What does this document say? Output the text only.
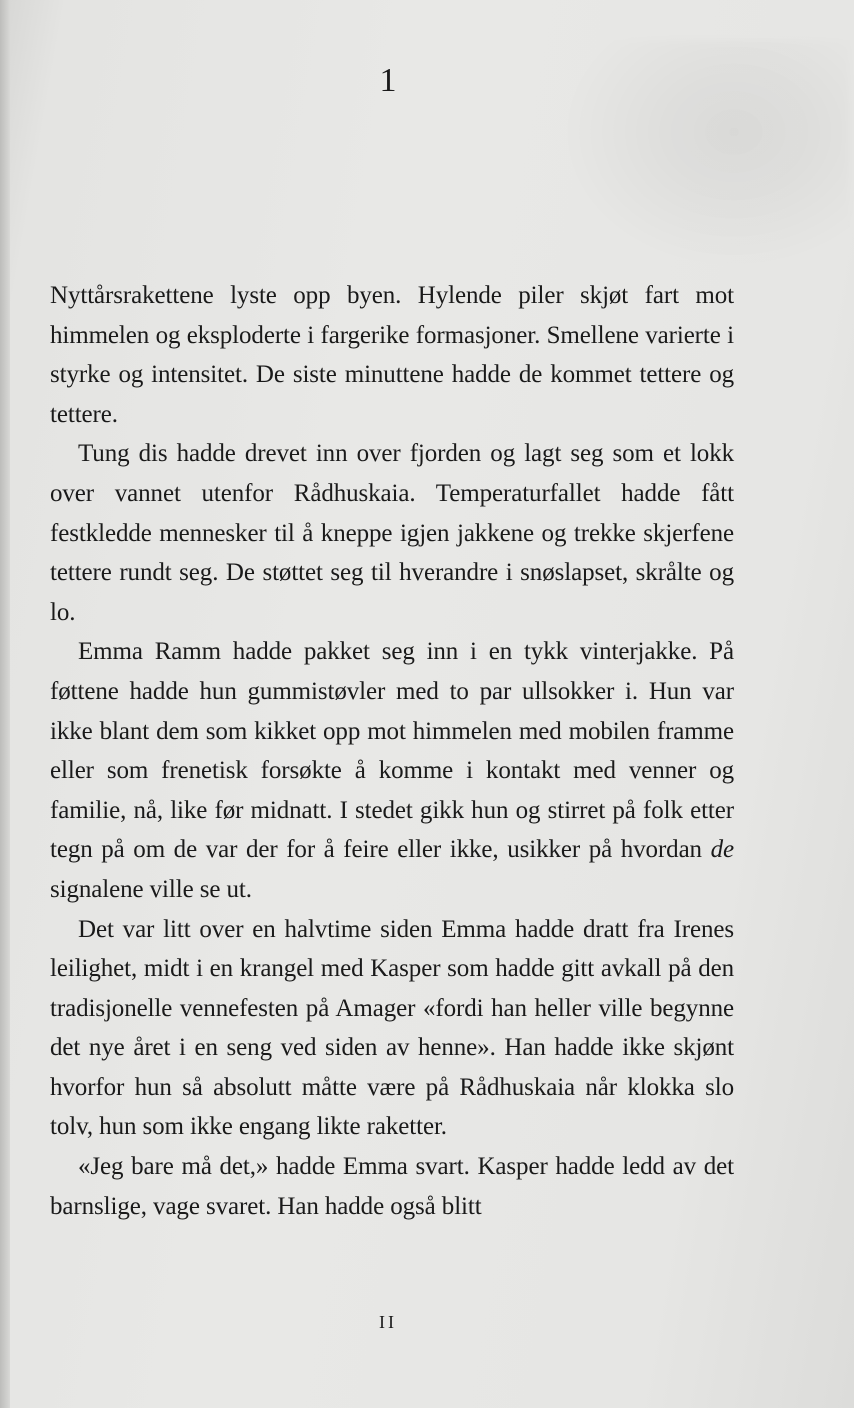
1

Nyttårsrakettene lyste opp byen. Hylende piler skjøt fart mot himmelen og eksploderte i fargerike formasjoner. Smellene varierte i styrke og intensitet. De siste minuttene hadde de kommet tettere og tettere.

Tung dis hadde drevet inn over fjorden og lagt seg som et lokk over vannet utenfor Rådhuskaia. Temperaturfallet hadde fått festkledde mennesker til å kneppe igjen jakkene og trekke skjerfene tettere rundt seg. De støttet seg til hverandre i snøslapset, skrålte og lo.

Emma Ramm hadde pakket seg inn i en tykk vinterjakke. På føttene hadde hun gummistøvler med to par ullsokker i. Hun var ikke blant dem som kikket opp mot himmelen med mobilen framme eller som frenetisk forsøkte å komme i kontakt med venner og familie, nå, like før midnatt. I stedet gikk hun og stirret på folk etter tegn på om de var der for å feire eller ikke, usikker på hvordan de signalene ville se ut.

Det var litt over en halvtime siden Emma hadde dratt fra Irenes leilighet, midt i en krangel med Kasper som hadde gitt avkall på den tradisjonelle vennefesten på Amager «fordi han heller ville begynne det nye året i en seng ved siden av henne». Han hadde ikke skjønt hvorfor hun så absolutt måtte være på Rådhuskaia når klokka slo tolv, hun som ikke engang likte raketter.

«Jeg bare må det,» hadde Emma svart. Kasper hadde ledd av det barnslige, vage svaret. Han hadde også blitt

II
